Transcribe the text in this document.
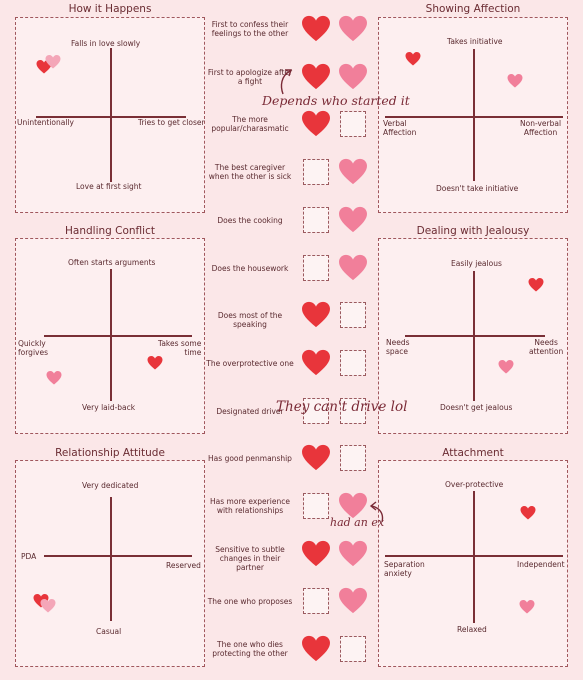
How it Happens
Falls in love slowly
Love at first sight
Unintentionally	Tries to get closer
Handling Conflict
Often starts arguments
Very laid-back
Quickly
forgives
Takes some
time
Relationship Attitude
Very dedicated
Casual
PDA
Reserved
Showing Affection
Takes initiative
Doesn't take initiative
Verbal
Affection
Non-verbal
Affection
Dealing with Jealousy
Easily jealous
Doesn't get jealous
Needs
space
Needs
attention
Attachment
Over-protective
Relaxed
Separation
anxiety
Independent
First to confess their feelings to the other
First to apologize after a fight
The more popular/charasmatic
The best caregiver when the other is sick
Does the cooking
Does the housework
Does most of the speaking
The overprotective one
Designated driver
Has good penmanship
Has more experience with relationships
Sensitive to subtle changes in their partner
The one who proposes
The one who dies protecting the other
Depends who started it
They can't drive lol
had an ex
